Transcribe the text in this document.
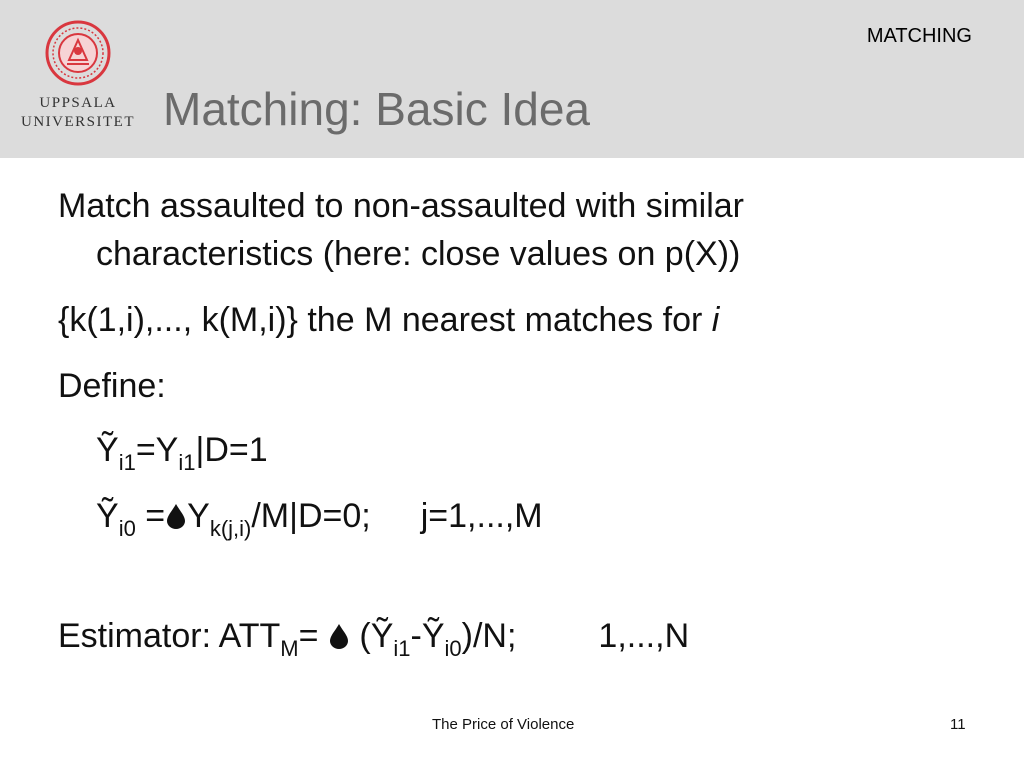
UPPSALA
UNIVERSITET
MATCHING
Matching: Basic Idea
Match assaulted to non-assaulted with similar
characteristics (here: close values on p(X))
{k(1,i),..., k(M,i)} the M nearest matches for i
Define:
$Ỹ_{i1}=Y_{i1}|D=1$
Ỹ$_{i0}$ = $Y_{k(j,i)}/M|D=0$; j=1,...,M
Estimator: $ATT_M=$  (Ỹ$_{i1}$-Ỹ$_{i0}$)/N; 1,...,N
The Price of Violence	11
